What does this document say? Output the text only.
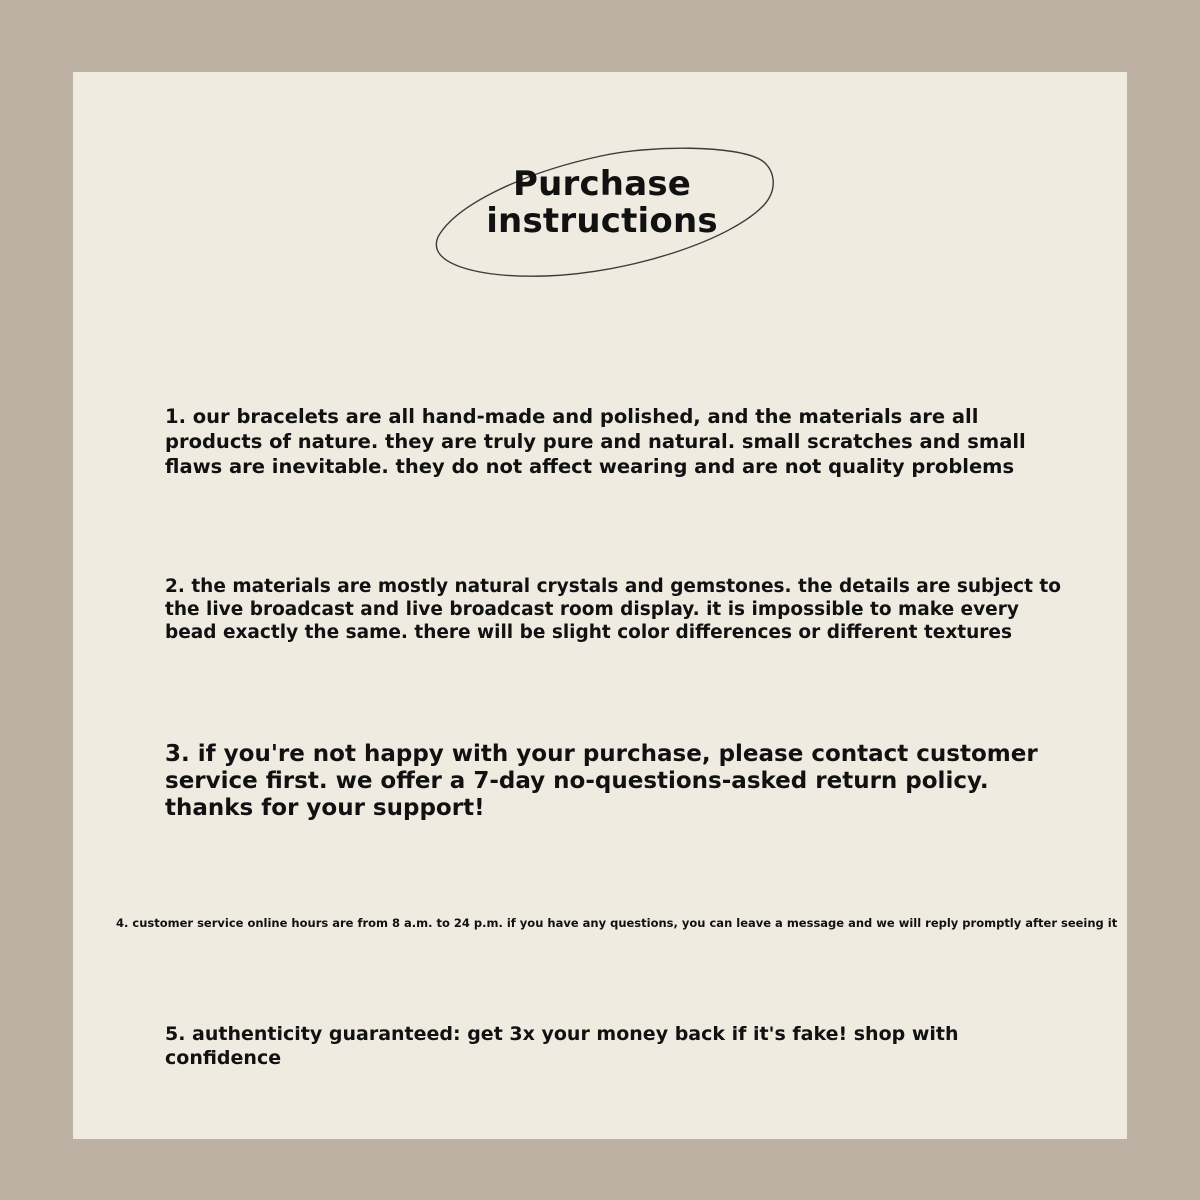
Purchase
instructions
1. our bracelets are all hand-made and polished, and the materials are all
products of nature. they are truly pure and natural. small scratches and small
flaws are inevitable. they do not affect wearing and are not quality problems
2. the materials are mostly natural crystals and gemstones. the details are subject to
the live broadcast and live broadcast room display. it is impossible to make every
bead exactly the same. there will be slight color differences or different textures
3. if you're not happy with your purchase, please contact customer
service first. we offer a 7-day no-questions-asked return policy.
thanks for your support!
4. customer service online hours are from 8 a.m. to 24 p.m. if you have any questions, you can leave a message and we will reply promptly after seeing it
5. authenticity guaranteed: get 3x your money back if it's fake! shop with confidence
